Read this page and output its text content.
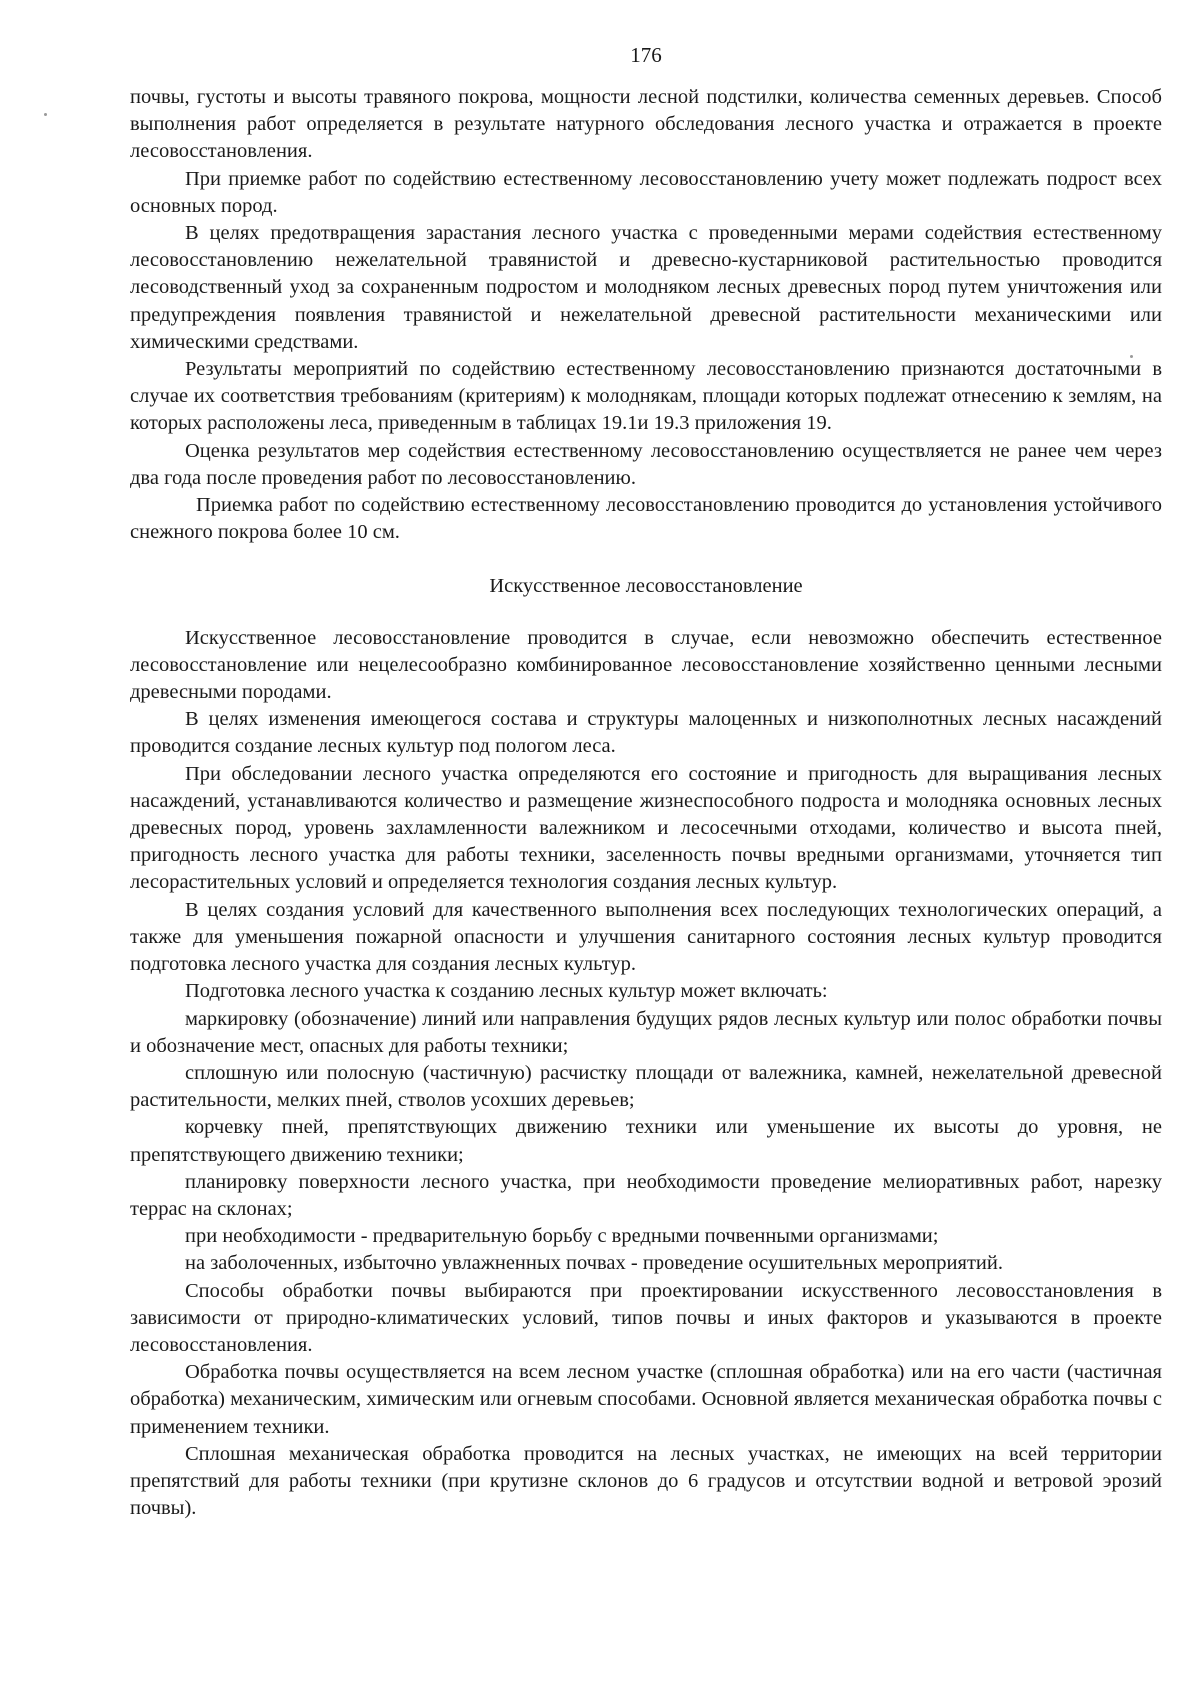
176

почвы, густоты и высоты травяного покрова, мощности лесной подстилки, количества семенных деревьев. Способ выполнения работ определяется в результате натурного обследования лесного участка и отражается в проекте лесовосстановления.

При приемке работ по содействию естественному лесовосстановлению учету может подлежать подрост всех основных пород.

В целях предотвращения зарастания лесного участка с проведенными мерами содействия естественному лесовосстановлению нежелательной травянистой и древесно-кустарниковой растительностью проводится лесоводственный уход за сохраненным подростом и молодняком лесных древесных пород путем уничтожения или предупреждения появления травянистой и нежелательной древесной растительности механическими или химическими средствами.

Результаты мероприятий по содействию естественному лесовосстановлению признаются достаточными в случае их соответствия требованиям (критериям) к молоднякам, площади которых подлежат отнесению к землям, на которых расположены леса, приведенным в таблицах 19.1и 19.3 приложения 19.

Оценка результатов мер содействия естественному лесовосстановлению осуществляется не ранее чем через два года после проведения работ по лесовосстановлению.

Приемка работ по содействию естественному лесовосстановлению проводится до установления устойчивого снежного покрова более 10 см.

Искусственное лесовосстановление

Искусственное лесовосстановление проводится в случае, если невозможно обеспечить естественное лесовосстановление или нецелесообразно комбинированное лесовосстановление хозяйственно ценными лесными древесными породами.

В целях изменения имеющегося состава и структуры малоценных и низкополнотных лесных насаждений проводится создание лесных культур под пологом леса.

При обследовании лесного участка определяются его состояние и пригодность для выращивания лесных насаждений, устанавливаются количество и размещение жизнеспособного подроста и молодняка основных лесных древесных пород, уровень захламленности валежником и лесосечными отходами, количество и высота пней, пригодность лесного участка для работы техники, заселенность почвы вредными организмами, уточняется тип лесорастительных условий и определяется технология создания лесных культур.

В целях создания условий для качественного выполнения всех последующих технологических операций, а также для уменьшения пожарной опасности и улучшения санитарного состояния лесных культур проводится подготовка лесного участка для создания лесных культур.

Подготовка лесного участка к созданию лесных культур может включать:

маркировку (обозначение) линий или направления будущих рядов лесных культур или полос обработки почвы и обозначение мест, опасных для работы техники;

сплошную или полосную (частичную) расчистку площади от валежника, камней, нежелательной древесной растительности, мелких пней, стволов усохших деревьев;

корчевку пней, препятствующих движению техники или уменьшение их высоты до уровня, не препятствующего движению техники;

планировку поверхности лесного участка, при необходимости проведение мелиоративных работ, нарезку террас на склонах;

при необходимости - предварительную борьбу с вредными почвенными организмами;

на заболоченных, избыточно увлажненных почвах - проведение осушительных мероприятий.

Способы обработки почвы выбираются при проектировании искусственного лесовосстановления в зависимости от природно-климатических условий, типов почвы и иных факторов и указываются в проекте лесовосстановления.

Обработка почвы осуществляется на всем лесном участке (сплошная обработка) или на его части (частичная обработка) механическим, химическим или огневым способами. Основной является механическая обработка почвы с применением техники.

Сплошная механическая обработка проводится на лесных участках, не имеющих на всей территории препятствий для работы техники (при крутизне склонов до 6 градусов и отсутствии водной и ветровой эрозий почвы).
